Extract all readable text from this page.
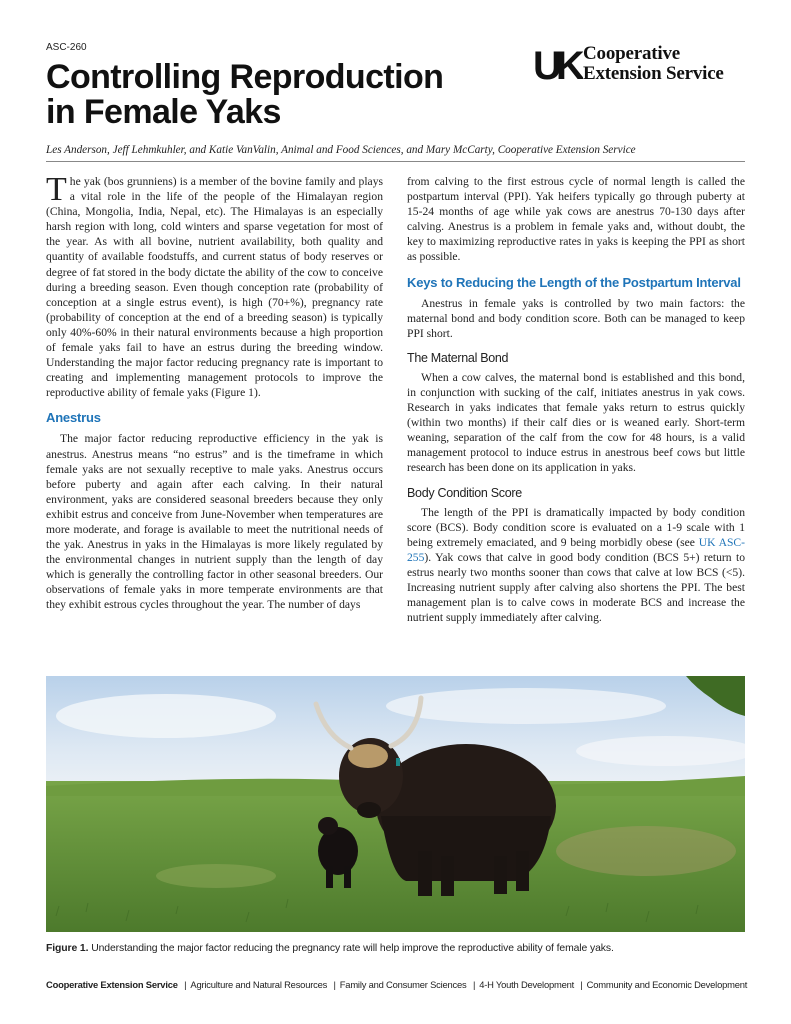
ASC-260
Controlling Reproduction
in Female Yaks
UK Cooperative
Extension Service
Les Anderson, Jeff Lehmkuhler, and Katie VanValin, Animal and Food Sciences, and Mary McCarty, Cooperative Extension Service

The yak (bos grunniens) is a member of the bovine family and plays a vital role in the life of the people of the Himalayan region (China, Mongolia, India, Nepal, etc). The Himalayas is an especially harsh region with long, cold winters and sparse vegetation for most of the year. As with all bovine, nutrient availability, both quality and quantity of available foodstuffs, and current status of body reserves or degree of fat stored in the body dictate the ability of the cow to conceive during a breeding season. Even though conception rate (probability of conception at a single estrus event), is high (70+%), pregnancy rate (probability of conception at the end of a breeding season) is typically only 40%-60% in their natural environments because a high proportion of female yaks fail to have an estrus during the breeding window. Understanding the major factor reducing pregnancy rate is important to creating and implementing management protocols to improve the reproductive ability of female yaks (Figure 1).

Anestrus

The major factor reducing reproductive efficiency in the yak is anestrus. Anestrus means “no estrus” and is the timeframe in which female yaks are not sexually receptive to male yaks. Anestrus occurs before puberty and again after each calving. In their natural environment, yaks are considered seasonal breeders because they only exhibit estrus and conceive from June-November when temperatures are more moderate, and forage is available to meet the nutritional needs of the yak. Anestrus in yaks in the Himalayas is more likely regulated by the environmental changes in nutrient supply than the length of day which is generally the controlling factor in other seasonal breeders. Our observations of female yaks in more temperate environments are that they exhibit estrous cycles throughout the year. The number of days

from calving to the first estrous cycle of normal length is called the postpartum interval (PPI). Yak heifers typically go through puberty at 15-24 months of age while yak cows are anestrus 70-130 days after calving. Anestrus is a problem in female yaks and, without doubt, the key to maximizing reproductive rates in yaks is keeping the PPI as short as possible.

Keys to Reducing the Length of the Postpartum Interval

Anestrus in female yaks is controlled by two main factors: the maternal bond and body condition score. Both can be managed to keep PPI short.

The Maternal Bond

When a cow calves, the maternal bond is established and this bond, in conjunction with sucking of the calf, initiates anestrus in yak cows. Research in yaks indicates that female yaks return to estrus quickly (within two months) if their calf dies or is weaned early. Short-term weaning, separation of the calf from the cow for 48 hours, is a valid management protocol to induce estrus in anestrous beef cows but little research has been done on its application in yaks.

Body Condition Score

The length of the PPI is dramatically impacted by body condition score (BCS). Body condition score is evaluated on a 1-9 scale with 1 being extremely emaciated, and 9 being morbidly obese (see UK ASC- 255). Yak cows that calve in good body condition (BCS 5+) return to estrus nearly two months sooner than cows that calve at low BCS (<5). Increasing nutrient supply after calving also shortens the PPI. The best management plan is to calve cows in moderate BCS and increase the nutrient supply immediately after calving.

Figure 1. Understanding the major factor reducing the pregnancy rate will help improve the reproductive ability of female yaks.
Cooperative Extension Service | Agriculture and Natural Resources | Family and Consumer Sciences | 4-H Youth Development | Community and Economic Development
